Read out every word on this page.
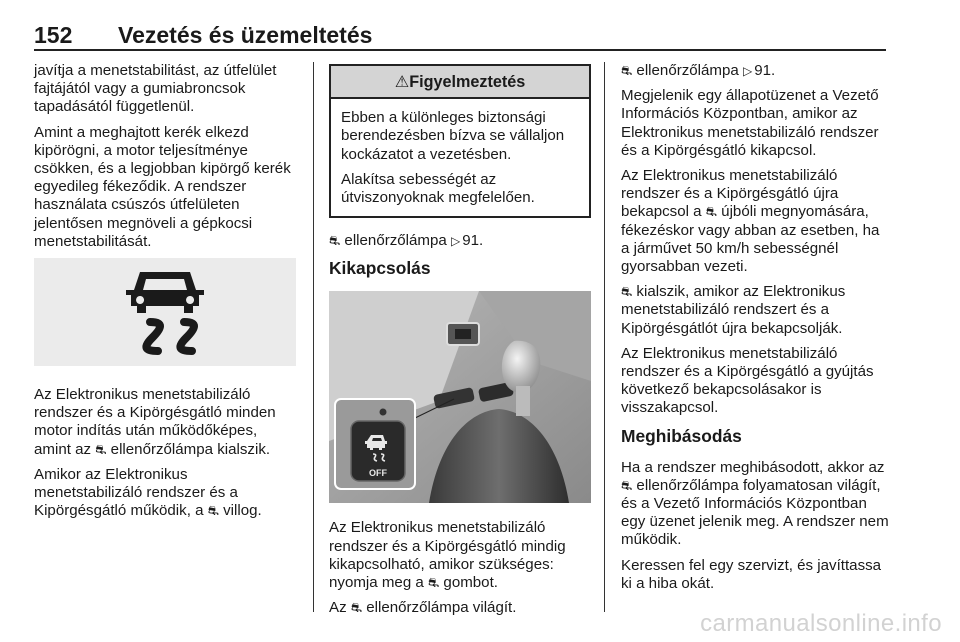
152 Vezetés és üzemeltetés

javítja a menetstabilitást, az útfelület fajtájától vagy a gumiabroncsok tapadásától függetlenül.

Amint a meghajtott kerék elkezd kipörögni, a motor teljesítménye csökken, és a legjobban kipörgő kerék egyedileg fékeződik. A rendszer használata csúszós útfelületen jelentősen megnöveli a gépkocsi menetstabilitását.

Az Elektronikus menetstabilizáló rendszer és a Kipörgésgátló minden motor indítás után működőképes, amint az ⛐ ellenőrzőlámpa kialszik.

Amikor az Elektronikus menetstabilizáló rendszer és a Kipörgésgátló működik, a ⛐ villog.

⚠Figyelmeztetés

Ebben a különleges biztonsági berendezésben bízva se vállaljon kockázatot a vezetésben.

Alakítsa sebességét az útviszonyoknak megfelelően.

⛐ ellenőrzőlámpa ▷ 91.

Kikapcsolás
OFF

Az Elektronikus menetstabilizáló rendszer és a Kipörgésgátló mindig kikapcsolható, amikor szükséges: nyomja meg a ⛐ gombot.

Az ⛐ ellenőrzőlámpa világít.

⛐ ellenőrzőlámpa ▷ 91.

Megjelenik egy állapotüzenet a Vezető Információs Központban, amikor az Elektronikus menetstabilizáló rendszer és a Kipörgésgátló kikapcsol.

Az Elektronikus menetstabilizáló rendszer és a Kipörgésgátló újra bekapcsol a ⛐ újbóli megnyomására, fékezéskor vagy abban az esetben, ha a járművet 50 km/h sebességnél gyorsabban vezeti.

⛐ kialszik, amikor az Elektronikus menetstabilizáló rendszert és a Kipörgésgátlót újra bekapcsolják.

Az Elektronikus menetstabilizáló rendszer és a Kipörgésgátló a gyújtás következő bekapcsolásakor is visszakapcsol.

Meghibásodás

Ha a rendszer meghibásodott, akkor az ⛐ ellenőrzőlámpa folyamatosan világít, és a Vezető Információs Központban egy üzenet jelenik meg. A rendszer nem működik.

Keressen fel egy szervizt, és javíttassa ki a hiba okát.

carmanualsonline.info
